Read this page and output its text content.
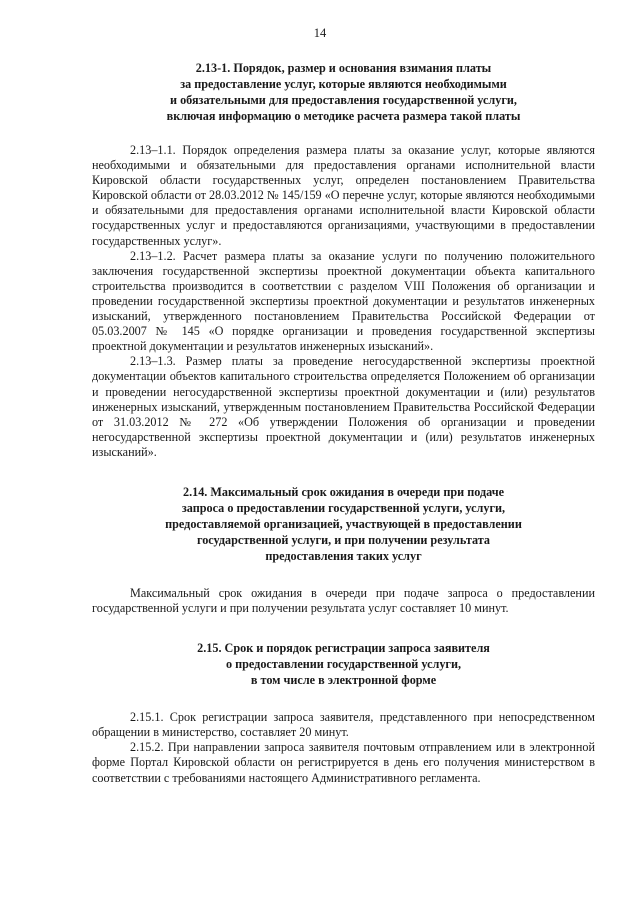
14
2.13-1. Порядок, размер и основания взимания платы
за предоставление услуг, которые являются необходимыми
и обязательными для предоставления государственной услуги,
включая информацию о методике расчета размера такой платы

2.13–1.1. Порядок определения размера платы за оказание услуг, которые являются необходимыми и обязательными для предоставления органами исполнительной власти Кировской области государственных услуг, определен постановлением Правительства Кировской области от 28.03.2012 № 145/159 «О перечне услуг, которые являются необходимыми и обязательными для предоставления органами исполнительной власти Кировской области государственных услуг и предоставляются организациями, участвующими в предоставлении государственных услуг».

2.13–1.2. Расчет размера платы за оказание услуги по получению положительного заключения государственной экспертизы проектной документации объекта капитального строительства производится в соответствии с разделом VIII Положения об организации и проведении государственной экспертизы проектной документации и результатов инженерных изысканий, утвержденного постановлением Правительства Российской Федерации от 05.03.2007 № 145 «О порядке организации и проведения государственной экспертизы проектной документации и результатов инженерных изысканий».

2.13–1.3. Размер платы за проведение негосударственной экспертизы проектной документации объектов капитального строительства определяется Положением об организации и проведении негосударственной экспертизы проектной документации и (или) результатов инженерных изысканий, утвержденным постановлением Правительства Российской Федерации от 31.03.2012 № 272 «Об утверждении Положения об организации и проведении негосударственной экспертизы проектной документации и (или) результатов инженерных изысканий».

2.14. Максимальный срок ожидания в очереди при подаче
запроса о предоставлении государственной услуги, услуги,
предоставляемой организацией, участвующей в предоставлении
государственной услуги, и при получении результата
предоставления таких услуг

Максимальный срок ожидания в очереди при подаче запроса о предоставлении государственной услуги и при получении результата услуг составляет 10 минут.

2.15. Срок и порядок регистрации запроса заявителя
о предоставлении государственной услуги,
в том числе в электронной форме

2.15.1. Срок регистрации запроса заявителя, представленного при непосредственном обращении в министерство, составляет 20 минут.

2.15.2. При направлении запроса заявителя почтовым отправлением или в электронной форме Портал Кировской области он регистрируется в день его получения министерством в соответствии с требованиями настоящего Административного регламента.
